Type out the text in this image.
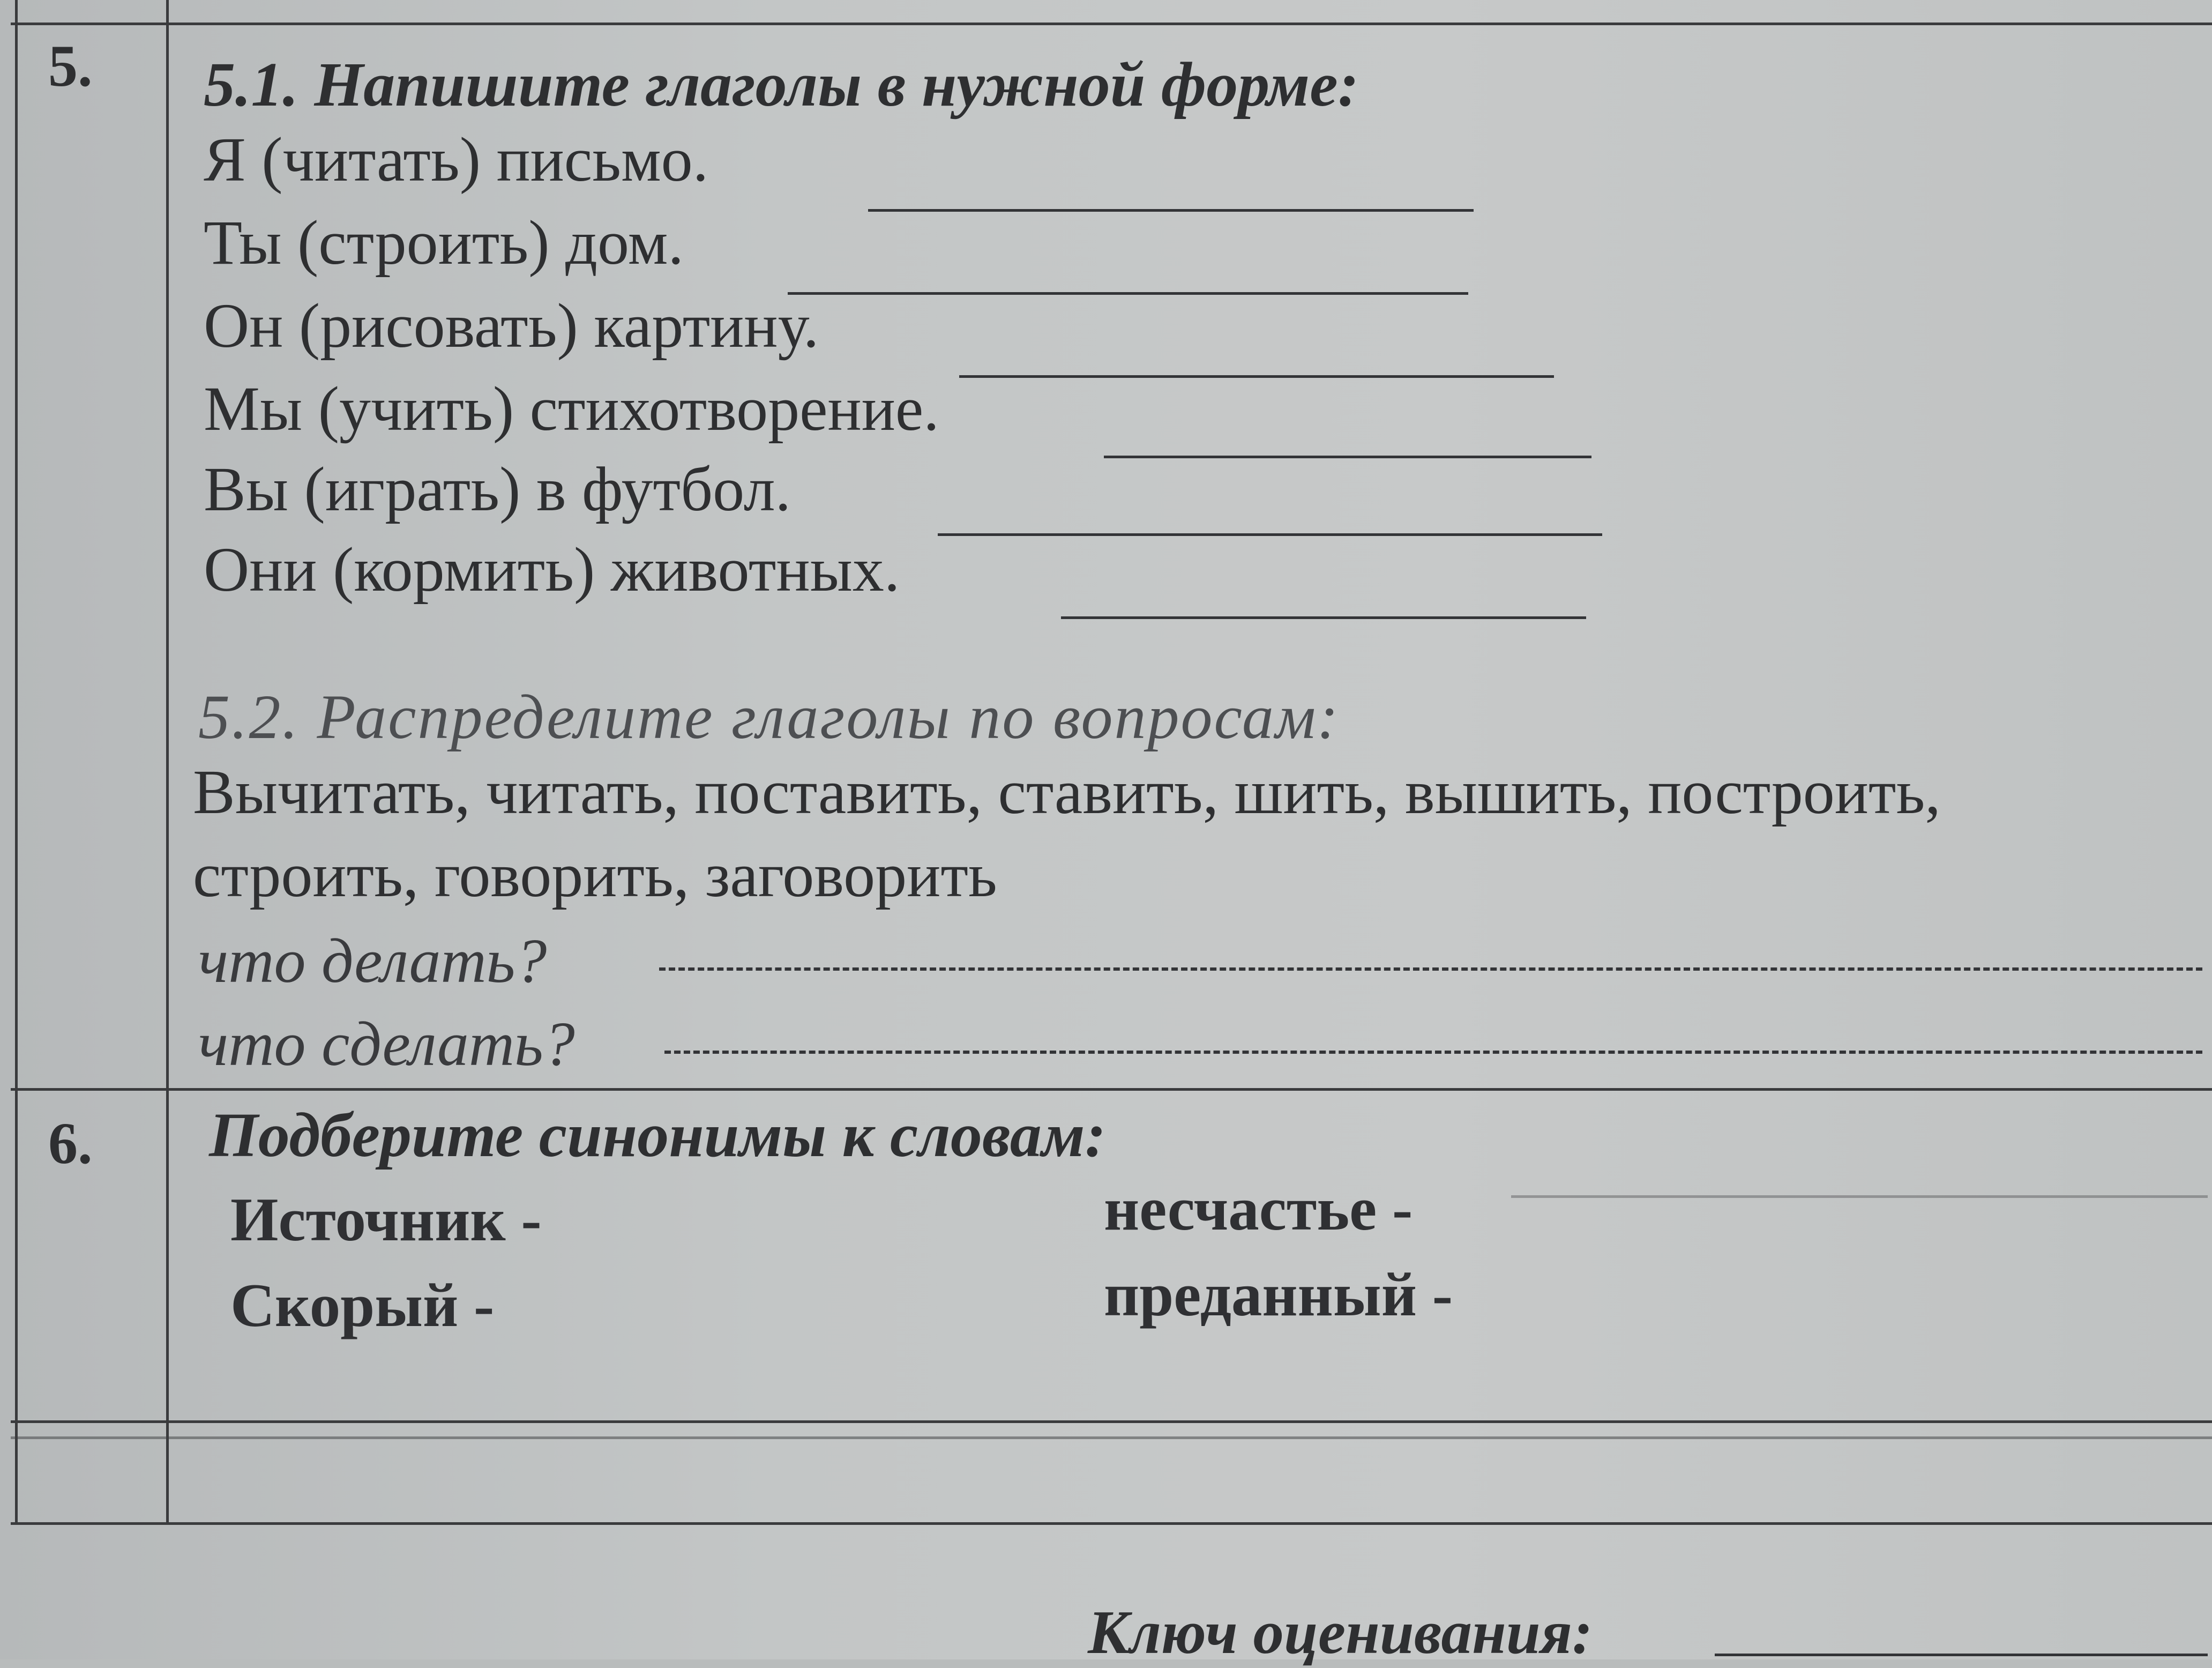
5. 5.1. Напишите глаголы в нужной форме:
Я (читать) письмо.
Ты (строить) дом.
Он (рисовать) картину.
Мы (учить) стихотворение.
Вы (играть) в футбол.
Они (кормить) животных.
5.2. Распределите глаголы по вопросам:
Вычитать, читать, поставить, ставить, шить, вышить, построить,
строить, говорить, заговорить
что делать?
что сделать?
6. Подберите синонимы к словам:
Источник -
Скорый -
несчастье -
преданный -
Ключ оценивания:
